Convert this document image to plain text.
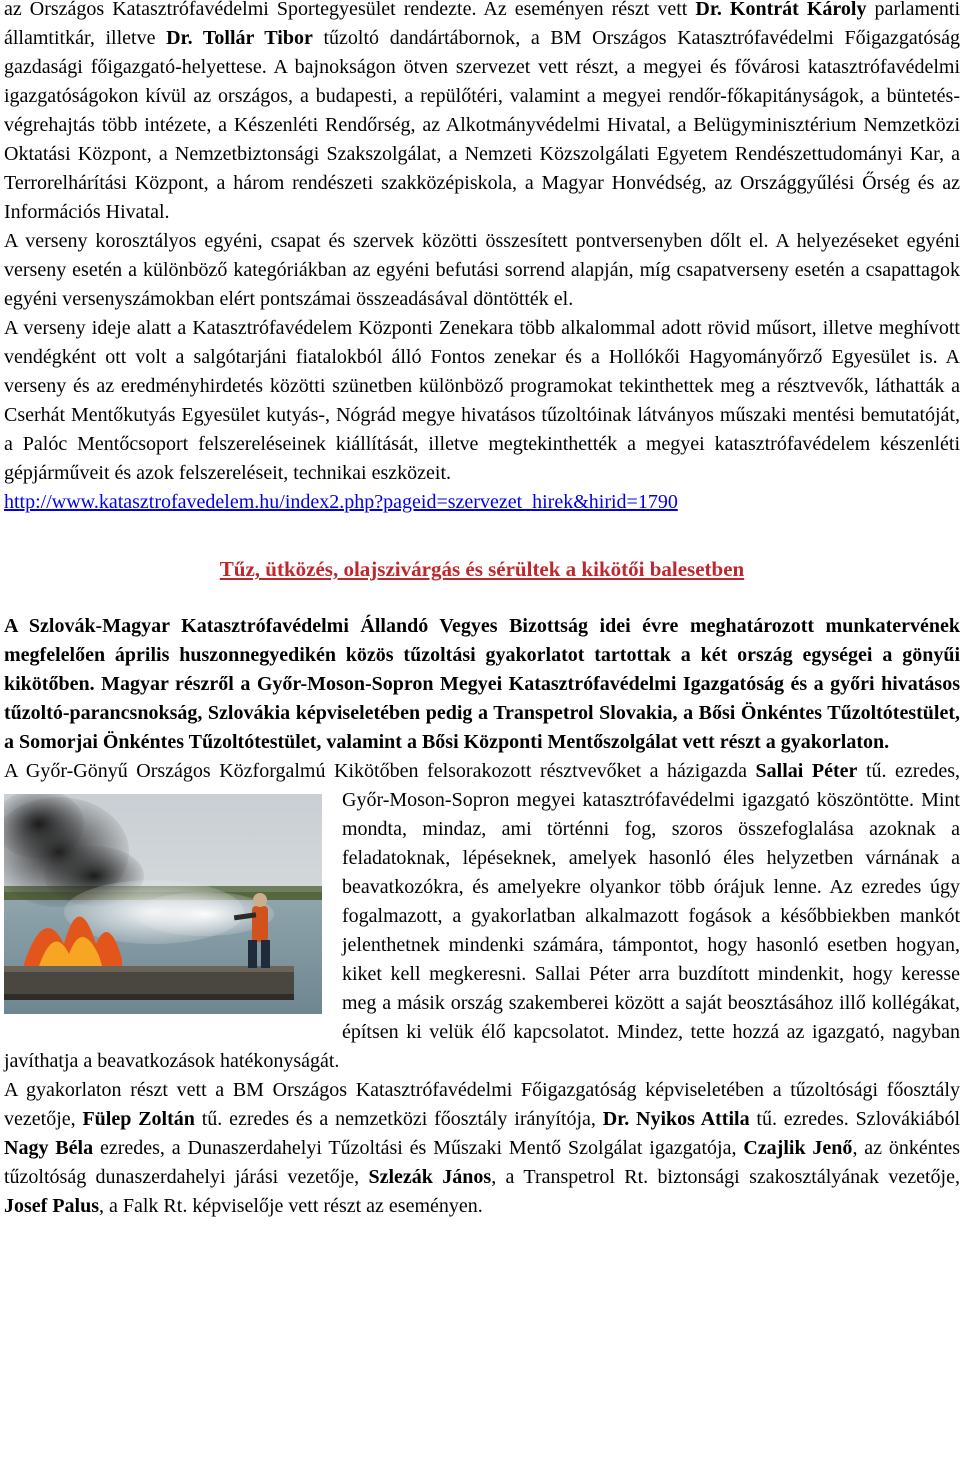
az Országos Katasztrófavédelmi Sportegyesület rendezte. Az eseményen részt vett Dr. Kontrát Károly parlamenti államtitkár, illetve Dr. Tollár Tibor tűzoltó dandártábornok, a BM Országos Katasztrófavédelmi Főigazgatóság gazdasági főigazgató-helyettese. A bajnokságon ötven szervezet vett részt, a megyei és fővárosi katasztrófavédelmi igazgatóságokon kívül az országos, a budapesti, a repülőtéri, valamint a megyei rendőr-főkapitányságok, a büntetés-végrehajtás több intézete, a Készenléti Rendőrség, az Alkotmányvédelmi Hivatal, a Belügyminisztérium Nemzetközi Oktatási Központ, a Nemzetbiztonsági Szakszolgálat, a Nemzeti Közszolgálati Egyetem Rendészettudományi Kar, a Terrorelhárítási Központ, a három rendészeti szakközépiskola, a Magyar Honvédség, az Országgyűlési Őrség és az Információs Hivatal.

A verseny korosztályos egyéni, csapat és szervek közötti összesített pontversenyben dőlt el. A helyezéseket egyéni verseny esetén a különböző kategóriákban az egyéni befutási sorrend alapján, míg csapatverseny esetén a csapattagok egyéni versenyszámokban elért pontszámai összeadásával döntötték el.

A verseny ideje alatt a Katasztrófavédelem Központi Zenekara több alkalommal adott rövid műsort, illetve meghívott vendégként ott volt a salgótarjáni fiatalokból álló Fontos zenekar és a Hollókői Hagyományőrző Egyesület is. A verseny és az eredményhirdetés közötti szünetben különböző programokat tekinthettek meg a résztvevők, láthatták a Cserhát Mentőkutyás Egyesület kutyás-, Nógrád megye hivatásos tűzoltóinak látványos műszaki mentési bemutatóját, a Palóc Mentőcsoport felszereléseinek kiállítását, illetve megtekinthették a megyei katasztrófavédelem készenléti gépjárműveit és azok felszereléseit, technikai eszközeit.

http://www.katasztrofavedelem.hu/index2.php?pageid=szervezet_hirek&hirid=1790

Tűz, ütközés, olajszivárgás és sérültek a kikötői balesetben

A Szlovák-Magyar Katasztrófavédelmi Állandó Vegyes Bizottság idei évre meghatározott munkatervének megfelelően április huszonnegyedikén közös tűzoltási gyakorlatot tartottak a két ország egységei a gönyűi kikötőben. Magyar részről a Győr-Moson-Sopron Megyei Katasztrófavédelmi Igazgatóság és a győri hivatásos tűzoltó-parancsnokság, Szlovákia képviseletében pedig a Transpetrol Slovakia, a Bősi Önkéntes Tűzoltótestület, a Somorjai Önkéntes Tűzoltótestület, valamint a Bősi Központi Mentőszolgálat vett részt a gyakorlaton.

A Győr-Gönyű Országos Közforgalmú Kikötőben felsorakozott résztvevőket a házigazda
Sallai Péter tű. ezredes, Győr-Moson-Sopron megyei katasztrófavédelmi igazgató köszöntötte. Mint mondta, mindaz, ami történni fog, szoros összefoglalása azoknak a feladatoknak, lépéseknek, amelyek hasonló éles helyzetben várnának a beavatkozókra, és amelyekre olyankor több órájuk lenne. Az ezredes úgy fogalmazott, a gyakorlatban alkalmazott fogások a későbbiekben mankót jelenthetnek mindenki számára, támpontot, hogy hasonló esetben hogyan, kiket kell megkeresni. Sallai Péter arra buzdított mindenkit, hogy keresse meg a másik ország szakemberei között a saját beosztásához illő kollégákat, építsen ki velük élő kapcsolatot. Mindez, tette hozzá az igazgató, nagyban javíthatja a beavatkozások hatékonyságát.

A gyakorlaton részt vett a BM Országos Katasztrófavédelmi Főigazgatóság képviseletében a tűzoltósági főosztály vezetője, Fülep Zoltán tű. ezredes és a nemzetközi főosztály irányítója, Dr. Nyikos Attila tű. ezredes. Szlovákiából Nagy Béla ezredes, a Dunaszerdahelyi Tűzoltási és Műszaki Mentő Szolgálat igazgatója, Czajlik Jenő, az önkéntes tűzoltóság dunaszerdahelyi járási vezetője, Szlezák János, a Transpetrol Rt. biztonsági szakosztályának vezetője, Josef Palus, a Falk Rt. képviselője vett részt az eseményen.
